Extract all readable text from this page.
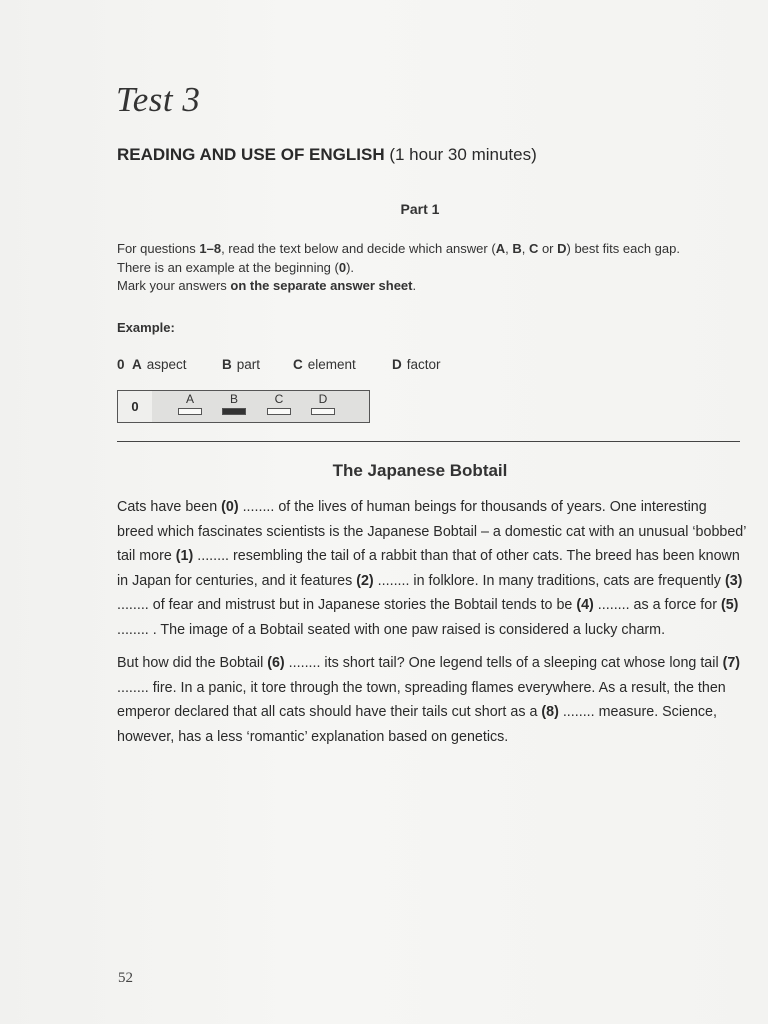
Test 3
READING AND USE OF ENGLISH (1 hour 30 minutes)
Part 1
For questions 1–8, read the text below and decide which answer (A, B, C or D) best fits each gap.
There is an example at the beginning (0).
Mark your answers on the separate answer sheet.
Example:
0 A aspect	B part C element	D factor
0	A	B	C	D
The Japanese Bobtail

Cats have been (0) ........ of the lives of human beings for thousands of years. One interesting breed which fascinates scientists is the Japanese Bobtail – a domestic cat with an unusual ‘bobbed’ tail more (1) ........ resembling the tail of a rabbit than that of other cats. The breed has been known in Japan for centuries, and it features (2) ........ in folklore. In many traditions, cats are frequently (3) ........ of fear and mistrust but in Japanese stories the Bobtail tends to be (4) ........ as a force for (5) ........ . The image of a Bobtail seated with one paw raised is considered a lucky charm.

But how did the Bobtail (6) ........ its short tail? One legend tells of a sleeping cat whose long tail (7) ........ fire. In a panic, it tore through the town, spreading flames everywhere. As a result, the then emperor declared that all cats should have their tails cut short as a (8) ........ measure. Science, however, has a less ‘romantic’ explanation based on genetics.

52
